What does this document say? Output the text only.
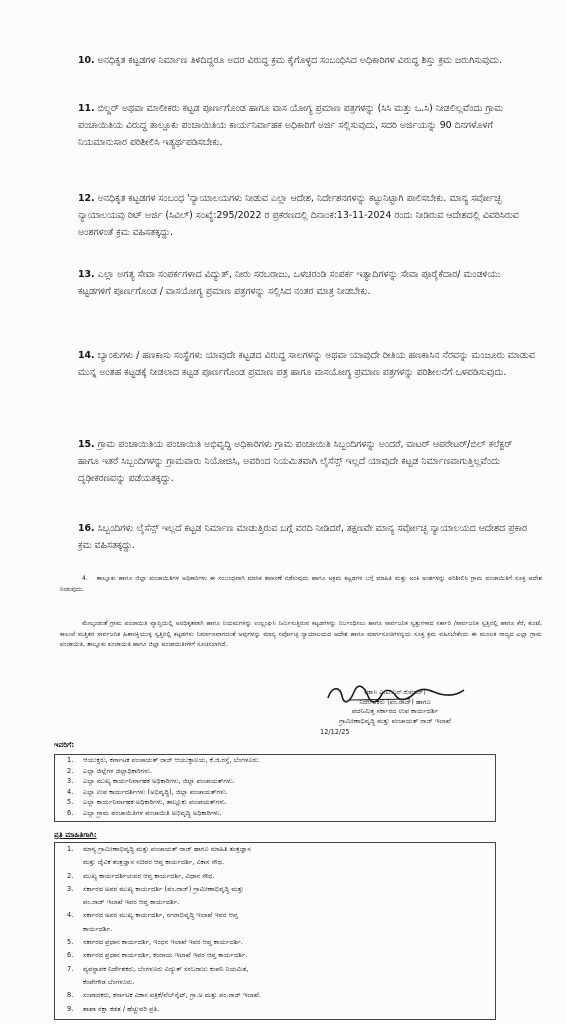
10. ಅನಧಿಕೃತ ಕಟ್ಟಡಗಳ ನಿರ್ಮಾಣ ತಿಳಿದಿದ್ದರೂ ಅದರ ವಿರುದ್ಧ ಕ್ರಮ ಕೈಗೊಳ್ಳದ ಸಂಬಂಧಿಸಿದ ಅಧಿಕಾರಿಗಳ ವಿರುದ್ಧ ಶಿಸ್ತು ಕ್ರಮ ಜರುಗಿಸುವುದು.
11. ಬಿಲ್ಡರ್ ಅಥವಾ ಮಾಲೀಕರು ಕಟ್ಟಡ ಪೂರ್ಣಗೊಂಡ ಹಾಗೂ ವಾಸ ಯೋಗ್ಯ ಪ್ರಮಾಣ ಪತ್ರಗಳನ್ನು (ಸಿಸಿ ಮತ್ತು ಒ.ಸಿ) ನೀಡಲಿಲ್ಲವೆಂದು ಗ್ರಾಮ ಪಂಚಾಯಿತಿಯ ವಿರುದ್ಧ ತಾಲ್ಲೂಕು ಪಂಚಾಯಿತಿಯ ಕಾರ್ಯನಿರ್ವಾಹಕ ಅಧಿಕಾರಿಗೆ ಅರ್ಜಿ ಸಲ್ಲಿಸುವುದು, ಸದರಿ ಅರ್ಜಿಯನ್ನು 90 ದಿನಗಳೊಳಗೆ ನಿಯಮಾನುಸಾರ ಪರಿಶೀಲಿಸಿ ಇತ್ಯರ್ಥಪಡಿಸಬೇಕು.
12. ಅನಧಿಕೃತ ಕಟ್ಟಡಗಳ ಸಂಬಂಧ 'ನ್ಯಾಯಾಲಯಗಳು ನೀಡುವ ಎಲ್ಲಾ ಆದೇಶ, ನಿರ್ದೇಶನಗಳನ್ನು ಕಟ್ಟುನಿಟ್ಟಾಗಿ ಪಾಲಿಸಬೇಕು. ಮಾನ್ಯ ಸರ್ವೋಚ್ಛ ನ್ಯಾಯಾಲಯವು ರಿಟ್ ಅರ್ಜಿ (ಸಿವಿಲ್) ಸಂಖ್ಯೆ:295/2022 ರ ಪ್ರಕರಣದಲ್ಲಿ ದಿನಾಂಕ:13-11-2024 ರಂದು ನೀಡಿರುವ ಆದೇಶದಲ್ಲಿ ವಿವರಿಸಿರುವ ಅಂಶಗಳಂತೆ ಕ್ರಮ ವಹಿಸತಕ್ಕದ್ದು.
13. ಎಲ್ಲಾ ಅಗತ್ಯ ಸೇವಾ ಸಂಪರ್ಕಗಳಾದ ವಿದ್ಯುತ್, ನೀರು ಸರಬರಾಜು, ಒಳಚರಂಡಿ ಸಂಪರ್ಕ ಇತ್ಯಾದಿಗಳನ್ನು ಸೇವಾ ಪೂರೈಕೆದಾರ/ ಮಂಡಳಿಯು ಕಟ್ಟಡಗಳಿಗೆ ಪೂರ್ಣಗೊಂಡ / ವಾಸಯೋಗ್ಯ ಪ್ರಮಾಣ ಪತ್ರಗಳನ್ನು ಸಲ್ಲಿಸಿದ ನಂತರ ಮಾತ್ರ ನೀಡಬೇಕು.
14. ಬ್ಯಾಂಕುಗಳು / ಹಣಕಾಸು ಸಂಸ್ಥೆಗಳು ಯಾವುದೇ ಕಟ್ಟಡದ ವಿರುದ್ಧ ಸಾಲಗಳನ್ನು ಅಥವಾ ಯಾವುದೇ ರೀತಿಯ ಹಣಕಾಸಿನ ನೆರವನ್ನು ಮಂಜೂರು ಮಾಡುವ ಮುನ್ನ ಅಂತಹ ಕಟ್ಟಡಕ್ಕೆ ನೀಡಲಾದ ಕಟ್ಟಡ ಪೂರ್ಣಗೊಂಡ ಪ್ರಮಾಣ ಪತ್ರ ಹಾಗೂ ವಾಸಯೋಗ್ಯ ಪ್ರಮಾಣ ಪತ್ರಗಳನ್ನು ಪರಿಶೀಲನೆಗೆ ಒಳಪಡಿಸುವುದು.
15. ಗ್ರಾಮ ಪಂಚಾಯಿತಿಯ ಪಂಚಾಯಿತಿ ಅಭಿವೃದ್ಧಿ ಅಧಿಕಾರಿಗಳು ಗ್ರಾಮ ಪಂಚಾಯಿತಿ ಸಿಬ್ಬಂದಿಗಳನ್ನು ಅಂದರೆ, ವಾಟರ್ ಆಪರೇಟರ್/ಬಿಲ್ ಕಲೆಕ್ಟರ್ ಹಾಗೂ ಇತರೆ ಸಿಬ್ಬಂದಿಗಳನ್ನು ಗ್ರಾಮವಾರು ನಿಯೋಜಿಸಿ, ಅವರಿಂದ ನಿಯಮಿತವಾಗಿ ಲೈಸೆನ್ಸ್ ಇಲ್ಲದೆ ಯಾವುದೇ ಕಟ್ಟಡ ನಿರ್ಮಾಣವಾಗುತ್ತಿಲ್ಲವೆಂದು ದೃಢೀಕರಣವನ್ನು ಪಡೆಯತಕ್ಕದ್ದು.
16. ಸಿಬ್ಬಂದಿಗಳು ಲೈಸೆನ್ಸ್ ಇಲ್ಲದೆ ಕಟ್ಟಡ ನಿರ್ಮಾಣ ಮಾಡುತ್ತಿರುವ ಬಗ್ಗೆ ವರದಿ ನೀಡಿದರೆ, ತಕ್ಷಣವೇ ಮಾನ್ಯ ಸರ್ವೋಚ್ಛ ನ್ಯಾಯಾಲಯದ ಆದೇಶದ ಪ್ರಕಾರ ಕ್ರಮ ವಹಿಸತಕ್ಕದ್ದು.
4. ತಾಲ್ಲೂಕು ಹಾಗೂ ಜಿಲ್ಲಾ ಪಂಚಾಯಿತಿಗಳ ಅಧಿಕಾರಿಗಳು ಈ ಸಂಬಂಧವಾಗಿ ಮಾಸಿಕ ತಪಾಸಣೆ ನಡೆಸುವುದು ಹಾಗೂ ಅಕ್ರಮ ಕಟ್ಟಡಗಳ ಬಗ್ಗೆ ಮಾಹಿತಿ ಮತ್ತು ಅಂಕಿ ಅಂಶಗಳನ್ನು ಪರಿಶೀಲಿಸಿ ಗ್ರಾಮ ಪಂಚಾಯಿತಿಗೆ ಸೂಕ್ತ ಆದೇಶ ನೀಡುವುದು.
ಮೇಲ್ಕಂಡಂತೆ ಗ್ರಾಮ ಪಂಚಾಯಿತಿ ವ್ಯಾಪ್ತಿಯಲ್ಲಿ ಅನಧಿಕೃತವಾಗಿ ಹಾಗೂ ನಿಯಮಗಳನ್ನು ಉಲ್ಲಂಘಿಸಿ ನಿರ್ಮಿಸುತ್ತಿರುವ ಕಟ್ಟಡಗಳನ್ನು ನಿರ್ಬಂಧಿಸಲು ಹಾಗೂ ಸಾರ್ವಜನಿಕ ಸ್ವತ್ತುಗಳಾದ ಸರ್ಕಾರಿ /ಸಾರ್ವಜನಿಕ ಸ್ವತ್ತಿನಲ್ಲಿ ಹಾಗೂ ಕೆರೆ, ಕುಂಟೆ, ಕಾಲುವೆ ಮತ್ತಿತರ ಸಾರ್ವಜನಿಕ ಹಿತಾಸಕ್ತಿಯುಳ್ಳ ಸ್ವತ್ತಿನಲ್ಲಿ ಕಟ್ಟಡಗಳು ನಿರ್ಮಾಣವಾಗದಂತೆ ಅವುಗಳನ್ನು ಮಾನ್ಯ ಸರ್ವೋಚ್ಛ ನ್ಯಾಯಾಲಯದ ಆದೇಶ ಹಾಗೂ ಮಾರ್ಗಸೂಚಿಗಳನ್ವಯ ಸೂಕ್ತ ಕ್ರಮ ವಹಿಸಬೇಕೆಂದು ಈ ಮೂಲಕ ರಾಜ್ಯದ ಎಲ್ಲಾ ಗ್ರಾಮ ಪಂಚಾಯಿತಿ, ತಾಲ್ಲೂಕು ಪಂಚಾಯಿತಿ ಹಾಗೂ ಜಿಲ್ಲಾ ಪಂಚಾಯಿತಿಗಳಿಗೆ ಸೂಚಿಸಲಾಗಿದೆ.
(ಡಾ॥ ಎ.ಎ.ಎಸ್.ಕುಮಾರ್)
ನಿರ್ದೇಶಕರು (ಪಂ.ರಾಜ್) ಹಾಗೂ
ಪದನಿಮಿತ್ತ ಸರ್ಕಾರದ ಉಪ ಕಾರ್ಯದರ್ಶಿ
ಗ್ರಾಮೀಣಾಭಿವೃದ್ಧಿ ಮತ್ತು ಪಂಚಾಯತ್ ರಾಜ್ ಇಲಾಖೆ
12/12/25
ಇವರಿಗೆ:
1. ಆಯುಕ್ತರು, ಕರ್ನಾಟಕ ಪಂಚಾಯತ್ ರಾಜ್ ಆಯುಕ್ತಾಲಯ, ಕೆ.ಜಿ.ರಸ್ತೆ, ಬೆಂಗಳೂರು.
2. ಎಲ್ಲಾ ಜಿಲ್ಲೆಗಳ ಜಿಲ್ಲಾಧಿಕಾರಿಗಳು.
3. ಎಲ್ಲಾ ಮುಖ್ಯ ಕಾರ್ಯನಿರ್ವಾಹಕ ಅಧಿಕಾರಿಗಳು, ಜಿಲ್ಲಾ ಪಂಚಾಯತ್‌ಗಳು.
4. ಎಲ್ಲಾ ಉಪ ಕಾರ್ಯದರ್ಶಿಗಳು (ಅಭಿವೃದ್ಧಿ), ಜಿಲ್ಲಾ ಪಂಚಾಯತ್‌ಗಳು.
5. ಎಲ್ಲಾ ಕಾರ್ಯನಿರ್ವಾಹಕ ಅಧಿಕಾರಿಗಳು, ತಾಲ್ಲೂಕು ಪಂಚಾಯತ್‌ಗಳು.
6. ಎಲ್ಲಾ ಗ್ರಾಮ ಪಂಚಾಯಿತಿಗಳ ಪಂಚಾಯಿತಿ ಅಭಿವೃದ್ಧಿ ಅಧಿಕಾರಿಗಳು.
ಪ್ರತಿ ಮಾಹಿತಿಗಾಗಿ:
1. ಮಾನ್ಯ ಗ್ರಾಮೀಣಾಭಿವೃದ್ಧಿ ಮತ್ತು ಪಂಚಾಯತ್ ರಾಜ್ ಹಾಗೂ ಮಾಹಿತಿ ತಂತ್ರಜ್ಞಾನ
ಮತ್ತು ಜೈವಿಕ ತಂತ್ರಜ್ಞಾನ ಸಚಿವರ ಆಪ್ತ ಕಾರ್ಯದರ್ಶಿ, ವಿಕಾಸ ಸೌಧ.
2. ಮುಖ್ಯ ಕಾರ್ಯದರ್ಶಿಯವರ ಆಪ್ತ ಕಾರ್ಯದರ್ಶಿ, ವಿಧಾನ ಸೌಧ.
3. ಸರ್ಕಾರದ ಅಪರ ಮುಖ್ಯ ಕಾರ್ಯದರ್ಶಿ (ಪಂ.ರಾಜ್) ಗ್ರಾಮೀಣಾಭಿವೃದ್ಧಿ ಮತ್ತು
ಪಂ.ರಾಜ್ ಇಲಾಖೆ ಇವರ ಆಪ್ತ ಕಾರ್ಯದರ್ಶಿ.
4. ಸರ್ಕಾರದ ಅಪರ ಮುಖ್ಯ ಕಾರ್ಯದರ್ಶಿ, ನಗರಾಭಿವೃದ್ಧಿ ಇಲಾಖೆ ಇವರ ಆಪ್ತ
ಕಾರ್ಯದರ್ಶಿ.
5. ಸರ್ಕಾರದ ಪ್ರಧಾನ ಕಾರ್ಯದರ್ಶಿ, ಇಂಧನ ಇಲಾಖೆ ಇವರ ಆಪ್ತ ಕಾರ್ಯದರ್ಶಿ.
6. ಸರ್ಕಾರದ ಪ್ರಧಾನ ಕಾರ್ಯದರ್ಶಿ, ಕಂದಾಯ ಇಲಾಖೆ ಇವರ ಆಪ್ತ ಕಾರ್ಯದರ್ಶಿ.
7. ವ್ಯವಸ್ಥಾಪಕ ನಿರ್ದೇಶಕರು, ಬೆಂಗಳೂರು ವಿದ್ಯುತ್ ಸರಬರಾಜು ಕಂಪನಿ ನಿಯಮಿತ,
ಕೆಂಪೇಗೌಡ ಬೆಂಗಳೂರು.
8. ಸಂಪಾದಕರು, ಕರ್ನಾಟಕ ವಿಕಾಸ ಪತ್ರಿಕೆ/ವೆಬ್‌ಸೈಟ್, ಗ್ರಾ.ಅ ಮತ್ತು ಪಂ.ರಾಜ್ ಇಲಾಖೆ.
9. ಶಾಖಾ ರಕ್ಷಾ ಕಡತ / ಹೆಚ್ಚುವರಿ ಪ್ರತಿ.
